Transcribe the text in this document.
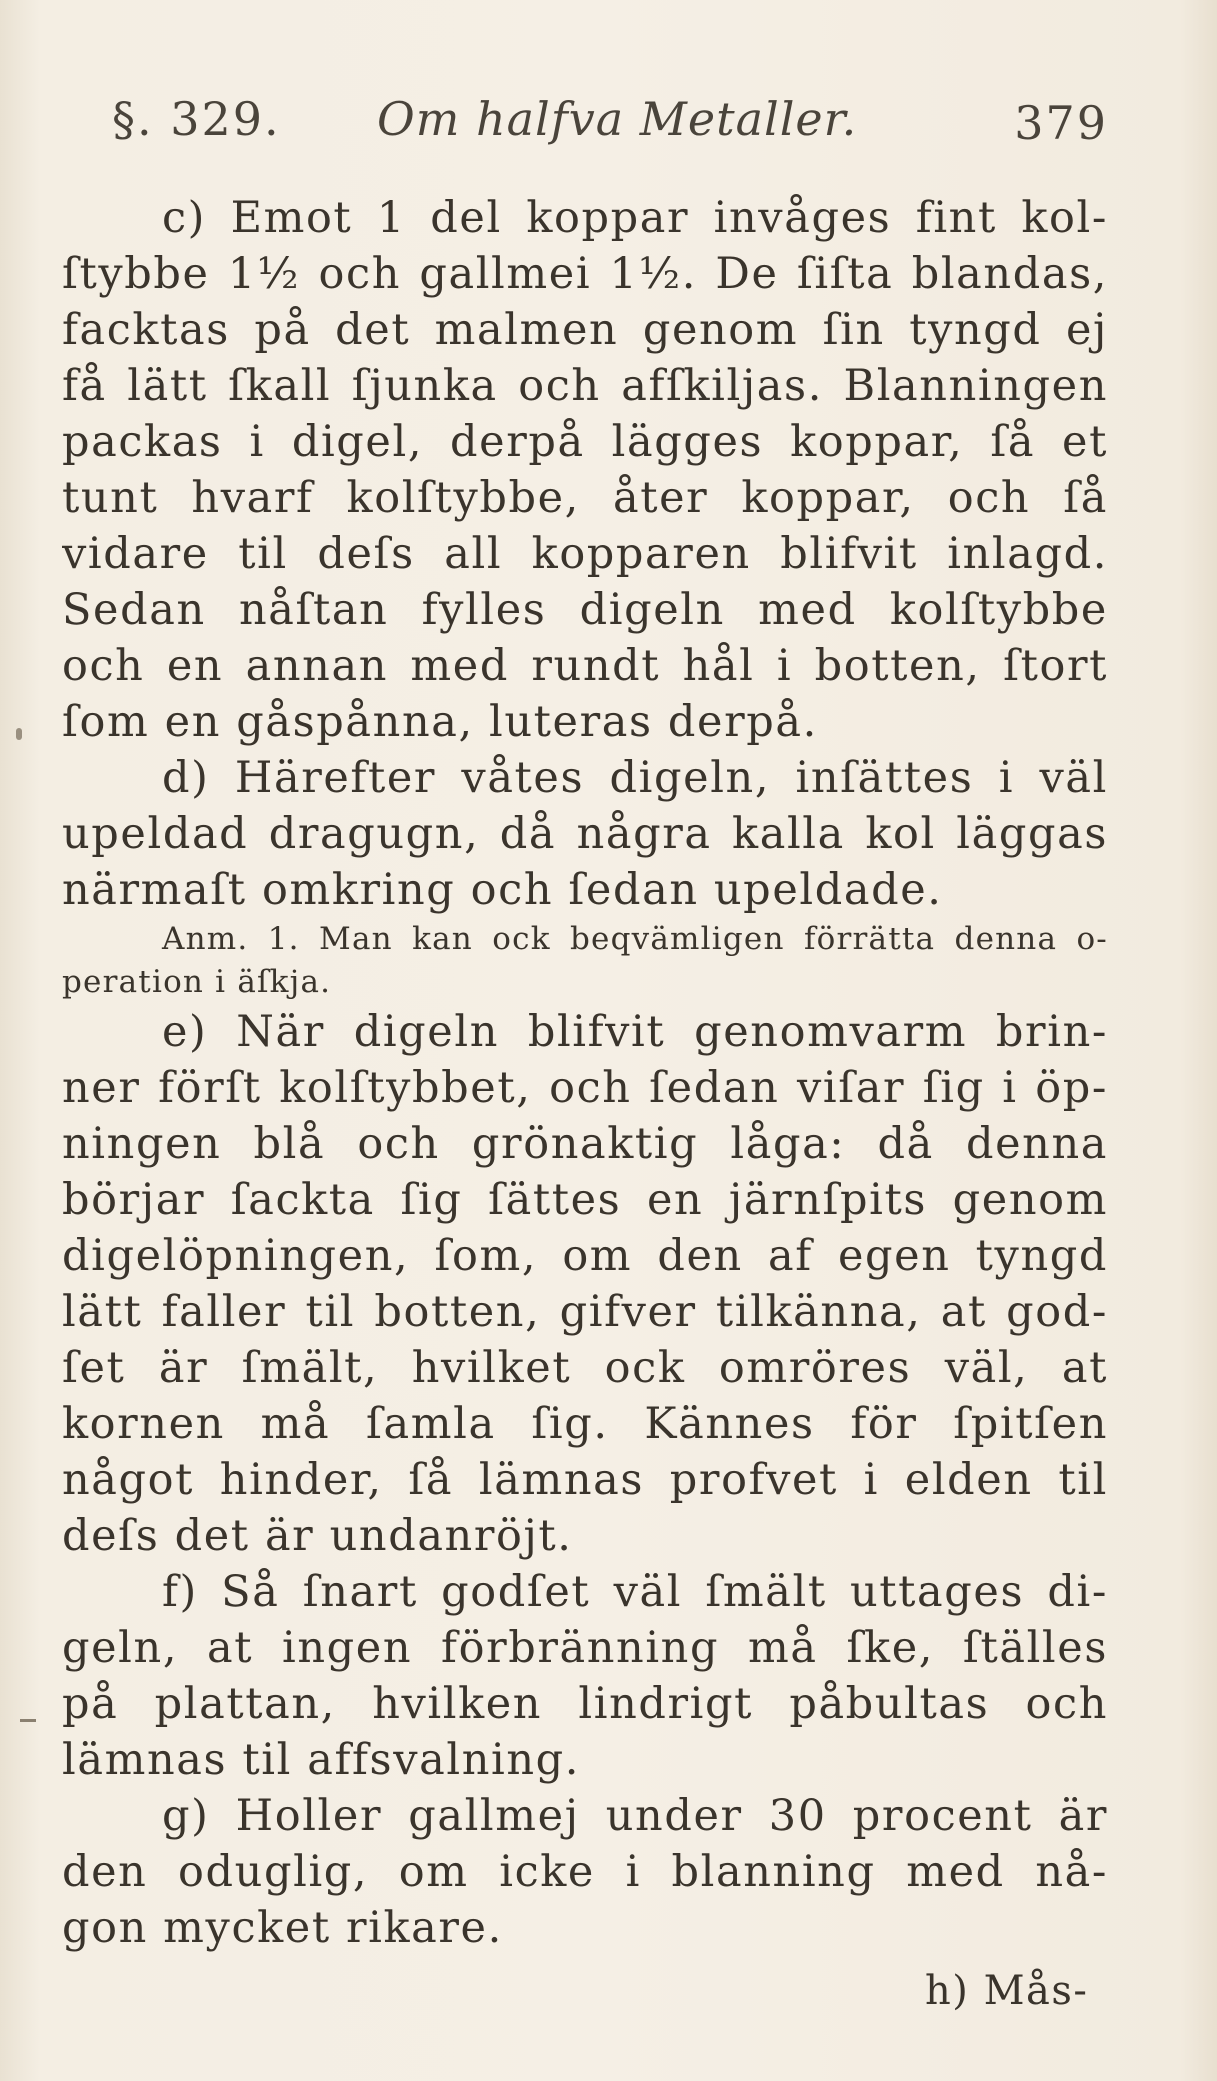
§. 329. Om halfva Metaller.	379
c) Emot 1 del koppar invåges fint kol-
ſtybbe 1½ och gallmei 1½. De ſiſta blandas,
facktas på det malmen genom ſin tyngd ej
få lätt ſkall ſjunka och afſkiljas. Blanningen
packas i digel, derpå lägges koppar, ſå et
tunt hvarf kolſtybbe, åter koppar, och ſå
vidare til deſs all kopparen blifvit inlagd.
Sedan nåſtan fylles digeln med kolſtybbe
och en annan med rundt hål i botten, ſtort
ſom en gåspånna, luteras derpå.
d) Härefter våtes digeln, inſättes i väl
upeldad dragugn, då några kalla kol läggas
närmaſt omkring och ſedan upeldade.
Anm. 1. Man kan ock beqvämligen förrätta denna o-
peration i äſkja.
e) När digeln blifvit genomvarm brin-
ner förſt kolſtybbet, och ſedan viſar ſig i öp-
ningen blå och grönaktig låga: då denna
börjar ſackta ſig ſättes en järnſpits genom
digelöpningen, ſom, om den af egen tyngd
lätt faller til botten, gifver tilkänna, at god-
ſet är ſmält, hvilket ock omröres väl, at
kornen må ſamla ſig. Kännes för ſpitſen
något hinder, ſå lämnas profvet i elden til
deſs det är undanröjt.
f) Så ſnart godſet väl ſmält uttages di-
geln, at ingen förbränning må ſke, ſtälles
på plattan, hvilken lindrigt påbultas och
lämnas til affsvalning.
g) Holler gallmej under 30 procent är
den oduglig, om icke i blanning med nå-
gon mycket rikare.
h) Mås-
